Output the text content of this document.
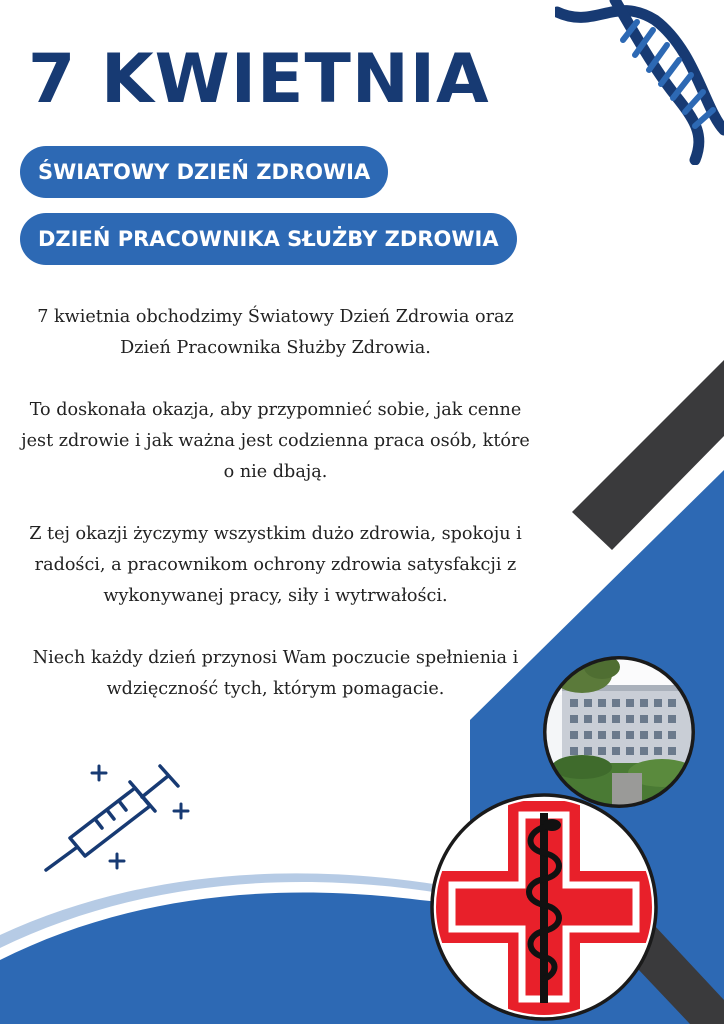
7 KWIETNIA
ŚWIATOWY DZIEŃ ZDROWIA
DZIEŃ PRACOWNIKA SŁUŻBY ZDROWIA

7 kwietnia obchodzimy Światowy Dzień Zdrowia oraz Dzień Pracownika Służby Zdrowia.

To doskonała okazja, aby przypomnieć sobie, jak cenne jest zdrowie i jak ważna jest codzienna praca osób, które o nie dbają.

Z tej okazji życzymy wszystkim dużo zdrowia, spokoju i radości, a pracownikom ochrony zdrowia satysfakcji z wykonywanej pracy, siły i wytrwałości.

Niech każdy dzień przynosi Wam poczucie spełnienia i wdzięczność tych, którym pomagacie.
